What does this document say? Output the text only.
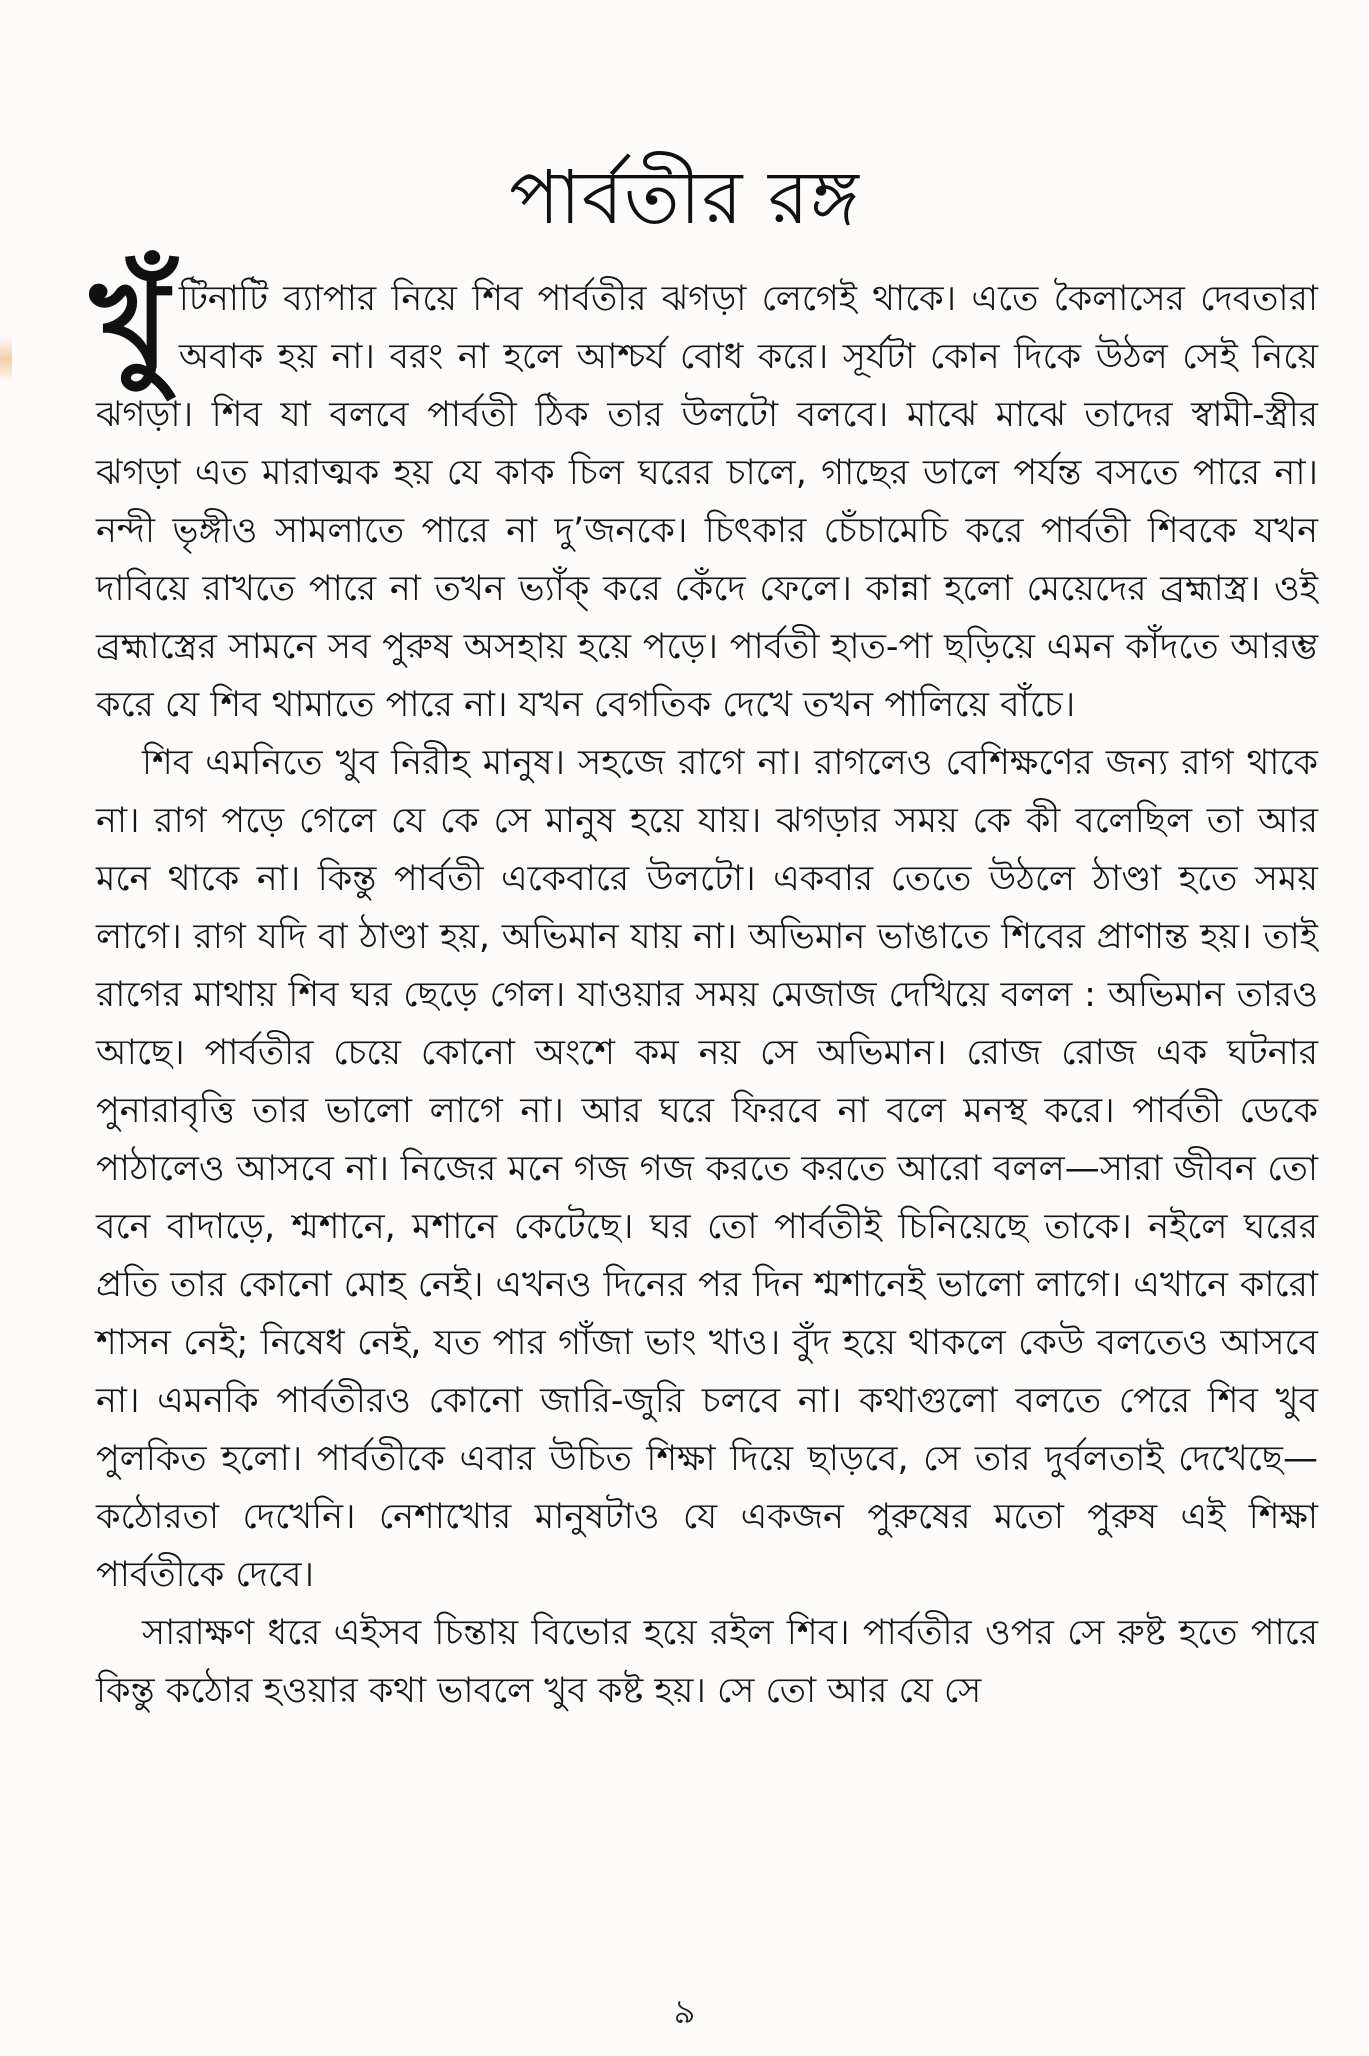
পার্বতীর রঙ্গ

খুঁ টিনাটি ব্যাপার নিয়ে শিব পার্বতীর ঝগড়া লেগেই থাকে। এতে কৈলাসের দেবতারা অবাক হয় না। বরং না হলে আশ্চর্য বোধ করে। সূর্যটা কোন দিকে উঠল সেই নিয়ে ঝগড়া। শিব যা বলবে পার্বতী ঠিক তার উলটো বলবে। মাঝে মাঝে তাদের স্বামী-স্ত্রীর ঝগড়া এত মারাত্মক হয় যে কাক চিল ঘরের চালে, গাছের ডালে পর্যন্ত বসতে পারে না। নন্দী ভৃঙ্গীও সামলাতে পারে না দু’জনকে। চিৎকার চেঁচামেচি করে পার্বতী শিবকে যখন দাবিয়ে রাখতে পারে না তখন ভ্যাঁক্ করে কেঁদে ফেলে। কান্না হলো মেয়েদের ব্রহ্মাস্ত্র। ওই ব্রহ্মাস্ত্রের সামনে সব পুরুষ অসহায় হয়ে পড়ে। পার্বতী হাত-পা ছড়িয়ে এমন কাঁদতে আরম্ভ করে যে শিব থামাতে পারে না। যখন বেগতিক দেখে তখন পালিয়ে বাঁচে।

শিব এমনিতে খুব নিরীহ মানুষ। সহজে রাগে না। রাগলেও বেশিক্ষণের জন্য রাগ থাকে না। রাগ পড়ে গেলে যে কে সে মানুষ হয়ে যায়। ঝগড়ার সময় কে কী বলেছিল তা আর মনে থাকে না। কিন্তু পার্বতী একেবারে উলটো। একবার তেতে উঠলে ঠাণ্ডা হতে সময় লাগে। রাগ যদি বা ঠাণ্ডা হয়, অভিমান যায় না। অভিমান ভাঙাতে শিবের প্রাণান্ত হয়। তাই রাগের মাথায় শিব ঘর ছেড়ে গেল। যাওয়ার সময় মেজাজ দেখিয়ে বলল : অভিমান তারও আছে। পার্বতীর চেয়ে কোনো অংশে কম নয় সে অভিমান। রোজ রোজ এক ঘটনার পুনারাবৃত্তি তার ভালো লাগে না। আর ঘরে ফিরবে না বলে মনস্থ করে। পার্বতী ডেকে পাঠালেও আসবে না। নিজের মনে গজ গজ করতে করতে আরো বলল—সারা জীবন তো বনে বাদাড়ে, শ্মশানে, মশানে কেটেছে। ঘর তো পার্বতীই চিনিয়েছে তাকে। নইলে ঘরের প্রতি তার কোনো মোহ নেই। এখনও দিনের পর দিন শ্মশানেই ভালো লাগে। এখানে কারো শাসন নেই; নিষেধ নেই, যত পার গাঁজা ভাং খাও। বুঁদ হয়ে থাকলে কেউ বলতেও আসবে না। এমনকি পার্বতীরও কোনো জারি-জুরি চলবে না। কথাগুলো বলতে পেরে শিব খুব পুলকিত হলো। পার্বতীকে এবার উচিত শিক্ষা দিয়ে ছাড়বে, সে তার দুর্বলতাই দেখেছে—কঠোরতা দেখেনি। নেশাখোর মানুষটাও যে একজন পুরুষের মতো পুরুষ এই শিক্ষা পার্বতীকে দেবে।

সারাক্ষণ ধরে এইসব চিন্তায় বিভোর হয়ে রইল শিব। পার্বতীর ওপর সে রুষ্ট হতে পারে কিন্তু কঠোর হওয়ার কথা ভাবলে খুব কষ্ট হয়। সে তো আর যে সে

৯
